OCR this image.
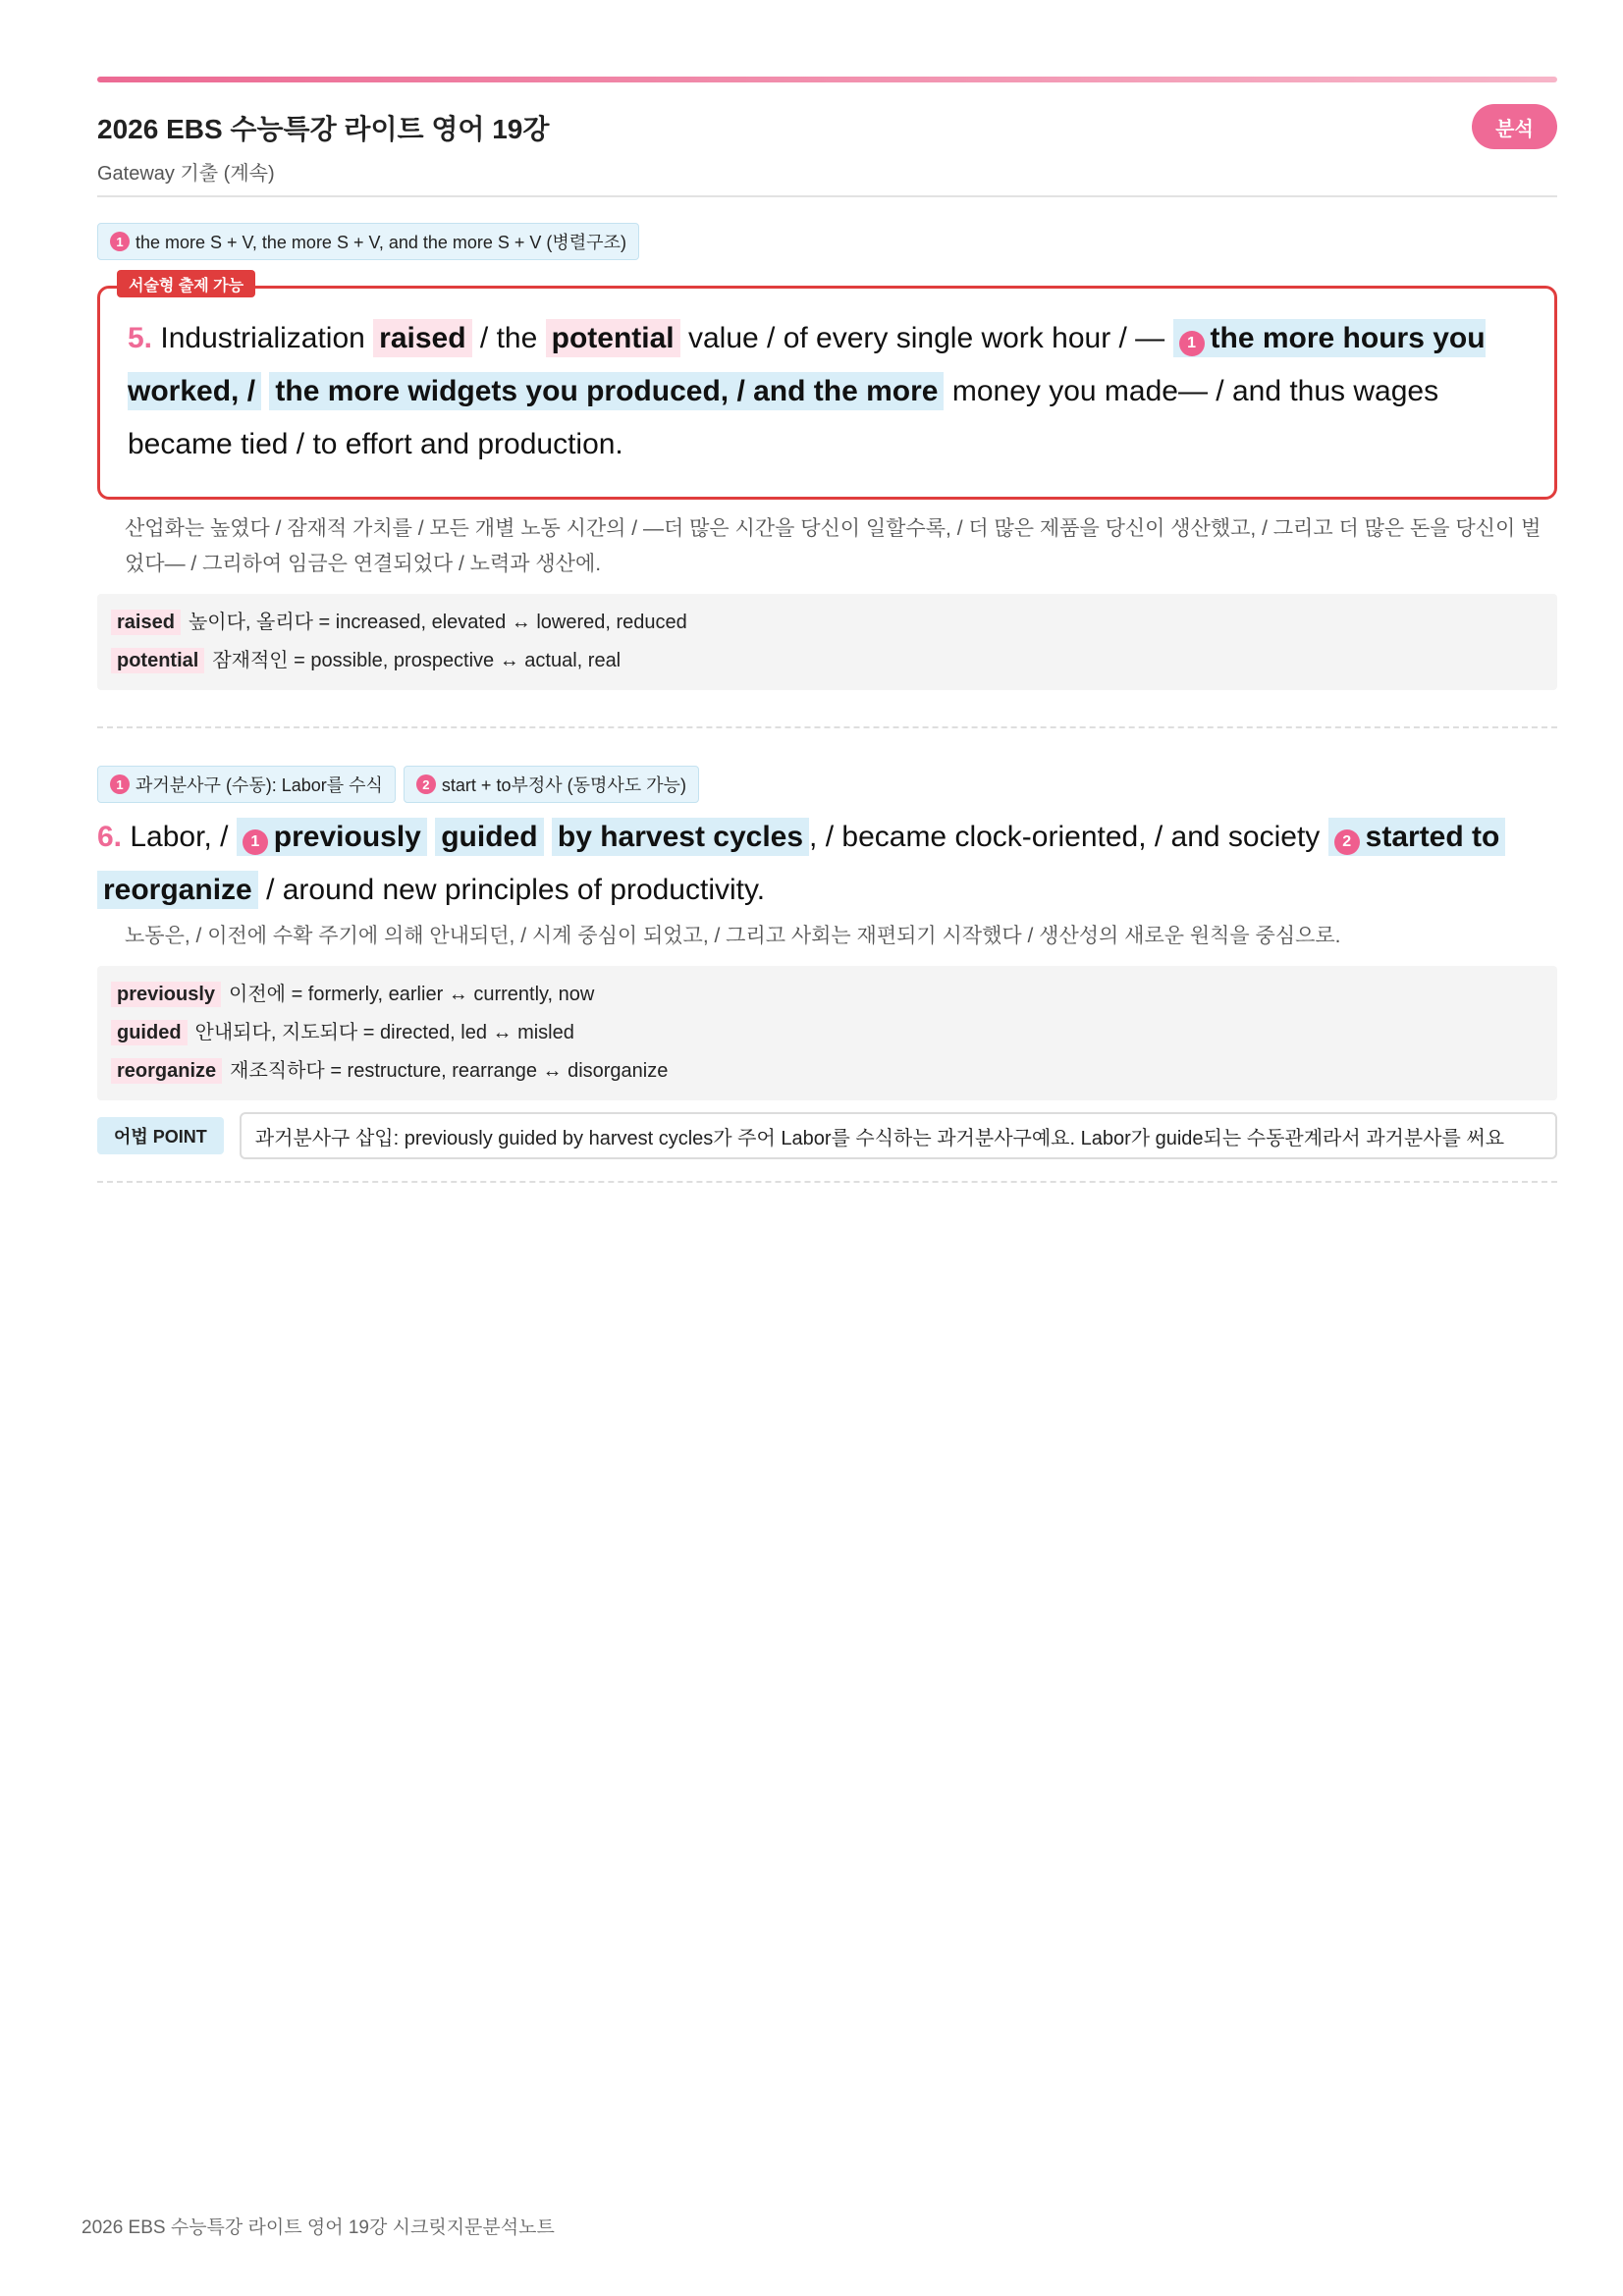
2026 EBS 수능특강 라이트 영어 19강
Gateway 기출 (계속)
분석
1 the more S + V, the more S + V, and the more S + V (병렬구조)
서술형 출제 가능
5. Industrialization raised / the potential value / of every single work hour / — 1 the more hours you worked, / the more widgets you produced, / and the more money you made— / and thus wages became tied / to effort and production.
산업화는 높였다 / 잠재적 가치를 / 모든 개별 노동 시간의 / —더 많은 시간을 당신이 일할수록, / 더 많은 제품을 당신이 생산했고, / 그리고 더 많은 돈을 당신이 벌었다— / 그리하여 임금은 연결되었다 / 노력과 생산에.
raised 높이다, 올리다 = increased, elevated ↔ lowered, reduced
potential 잠재적인 = possible, prospective ↔ actual, real
1 과거분사구 (수동): Labor를 수식	2 start + to부정사 (동명사도 가능)
6. Labor, / 1 previously guided by harvest cycles , / became clock-oriented, / and society 2 started to reorganize / around new principles of productivity.
노동은, / 이전에 수확 주기에 의해 안내되던, / 시계 중심이 되었고, / 그리고 사회는 재편되기 시작했다 / 생산성의 새로운 원칙을 중심으로.
previously 이전에 = formerly, earlier ↔ currently, now
guided 안내되다, 지도되다 = directed, led ↔ misled
reorganize 재조직하다 = restructure, rearrange ↔ disorganize
어법 POINT	과거분사구 삽입: previously guided by harvest cycles가 주어 Labor를 수식하는 과거분사구예요. Labor가 guide되는 수동관계라서 과거분사를 써요
2026 EBS 수능특강 라이트 영어 19강 시크릿지문분석노트
